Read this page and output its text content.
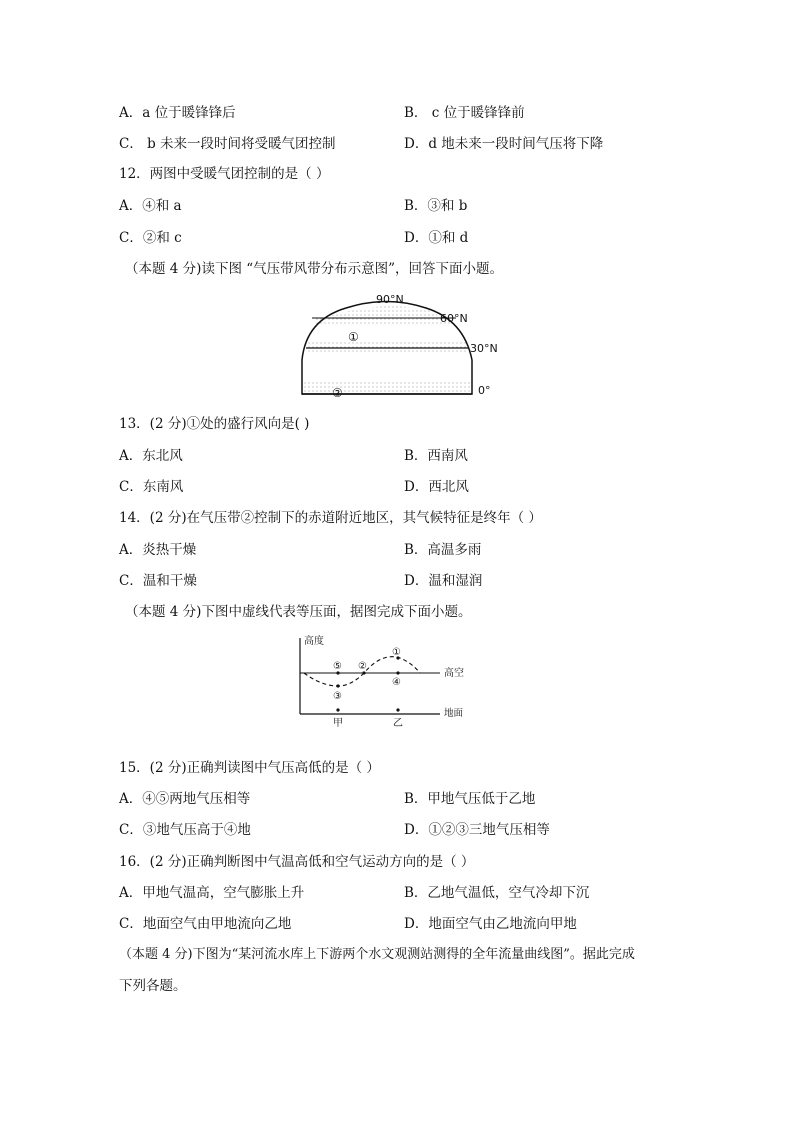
A．a 位于暖锋锋后	B． c 位于暖锋锋前
C． b 未来一段时间将受暖气团控制	D．d 地未来一段时间气压将下降
12．两图中受暖气团控制的是（ ）
A．④和 a	B．③和 b
C．②和 c	D．①和 d
（本题 4 分)读下图 “气压带风带分布示意图”，回答下面小题。
90°N
60°N
30°N
0°
①
②
13．(2 分)①处的盛行风向是( )
A．东北风	B．西南风
C．东南风	D．西北风
14．(2 分)在气压带②控制下的赤道附近地区，其气候特征是终年（ ）
A．炎热干燥	B．高温多雨
C．温和干燥	D．温和湿润
（本题 4 分)下图中虚线代表等压面，据图完成下面小题。
高度
高空
地面
⑤ ②
①
③
④
甲	乙
15．(2 分)正确判读图中气压高低的是（ ）
A．④⑤两地气压相等	B．甲地气压低于乙地
C．③地气压高于④地	D．①②③三地气压相等
16．(2 分)正确判断图中气温高低和空气运动方向的是（ ）
A．甲地气温高，空气膨胀上升	B．乙地气温低，空气冷却下沉
C．地面空气由甲地流向乙地	D．地面空气由乙地流向甲地
（本题 4 分)下图为“某河流水库上下游两个水文观测站测得的全年流量曲线图”。据此完成
下列各题。
